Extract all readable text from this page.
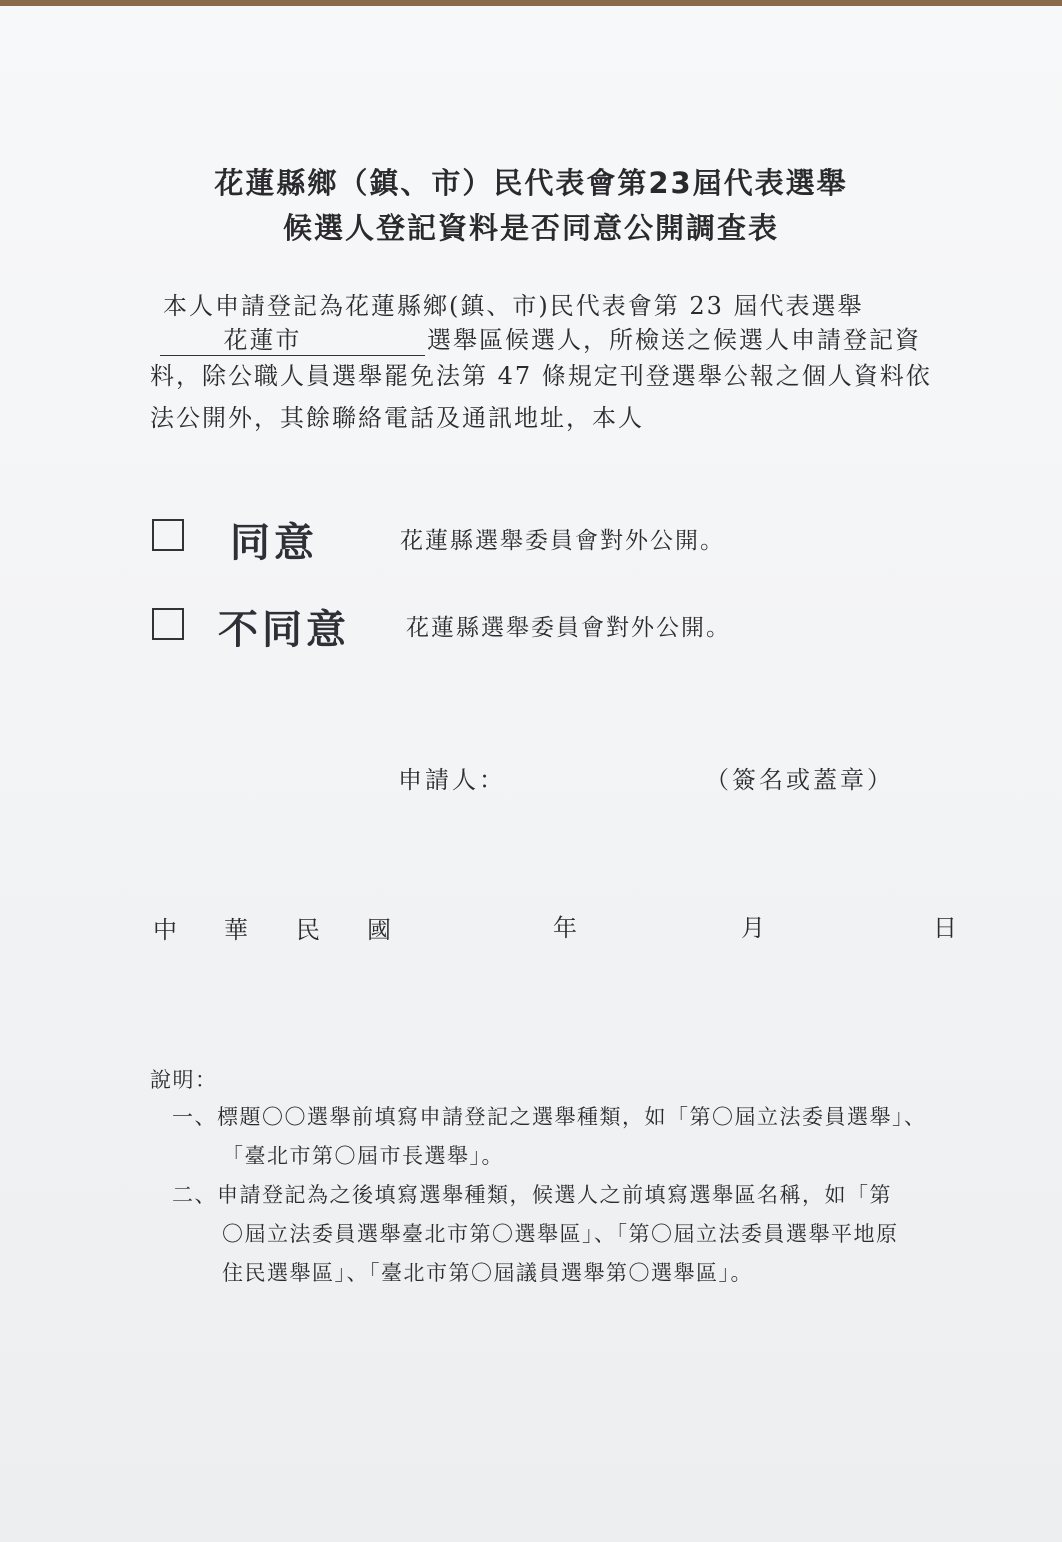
花蓮縣鄉（鎮、市）民代表會第23屆代表選舉
候選人登記資料是否同意公開調查表
本人申請登記為花蓮縣鄉(鎮、市)民代表會第 23 屆代表選舉
花蓮市	選舉區候選人，所檢送之候選人申請登記資
料，除公職人員選舉罷免法第 47 條規定刊登選舉公報之個人資料依
法公開外，其餘聯絡電話及通訊地址，本人
同意	花蓮縣選舉委員會對外公開。
不同意 花蓮縣選舉委員會對外公開。
申請人：	（簽名或蓋章）
中 華 民 國	年	月	日
說明：
一、標題〇〇選舉前填寫申請登記之選舉種類，如「第〇屆立法委員選舉」、
「臺北市第〇屆市長選舉」。
二、申請登記為之後填寫選舉種類，候選人之前填寫選舉區名稱，如「第
〇屆立法委員選舉臺北市第〇選舉區」、「第〇屆立法委員選舉平地原
住民選舉區」、「臺北市第〇屆議員選舉第〇選舉區」。
